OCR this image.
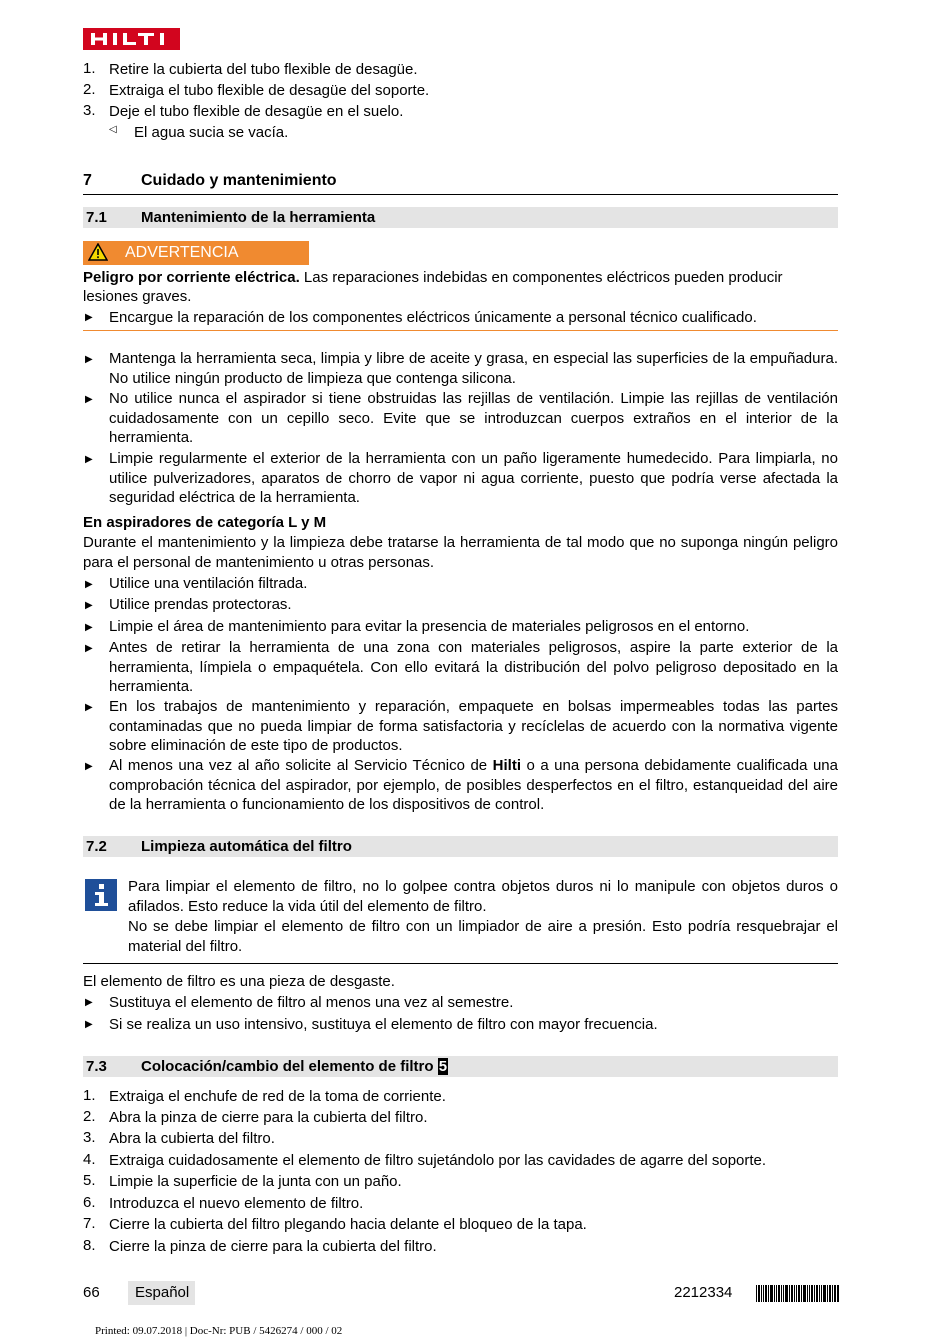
1. Retire la cubierta del tubo flexible de desagüe.
2. Extraiga el tubo flexible de desagüe del soporte.
3. Deje el tubo flexible de desagüe en el suelo.
◁ El agua sucia se vacía.
7	Cuidado y mantenimiento
7.1 Mantenimiento de la herramienta
ADVERTENCIA
Peligro por corriente eléctrica. Las reparaciones indebidas en componentes eléctricos pueden producir
lesiones graves.
▶ Encargue la reparación de los componentes eléctricos únicamente a personal técnico cualificado.
▶ Mantenga la herramienta seca, limpia y libre de aceite y grasa, en especial las superficies de la empuñadura. No utilice ningún producto de limpieza que contenga silicona.
▶ No utilice nunca el aspirador si tiene obstruidas las rejillas de ventilación. Limpie las rejillas de ventilación cuidadosamente con un cepillo seco. Evite que se introduzcan cuerpos extraños en el interior de la herramienta.
▶ Limpie regularmente el exterior de la herramienta con un paño ligeramente humedecido. Para limpiarla, no utilice pulverizadores, aparatos de chorro de vapor ni agua corriente, puesto que podría verse afectada la seguridad eléctrica de la herramienta.
En aspiradores de categoría L y M
Durante el mantenimiento y la limpieza debe tratarse la herramienta de tal modo que no suponga ningún peligro para el personal de mantenimiento u otras personas.
▶ Utilice una ventilación filtrada.
▶ Utilice prendas protectoras.
▶ Limpie el área de mantenimiento para evitar la presencia de materiales peligrosos en el entorno.
▶ Antes de retirar la herramienta de una zona con materiales peligrosos, aspire la parte exterior de la herramienta, límpiela o empaquétela. Con ello evitará la distribución del polvo peligroso depositado en la herramienta.
▶ En los trabajos de mantenimiento y reparación, empaquete en bolsas impermeables todas las partes contaminadas que no pueda limpiar de forma satisfactoria y recíclelas de acuerdo con la normativa vigente sobre eliminación de este tipo de productos.
▶ Al menos una vez al año solicite al Servicio Técnico de Hilti o a una persona debidamente cualificada una comprobación técnica del aspirador, por ejemplo, de posibles desperfectos en el filtro, estanqueidad del aire de la herramienta o funcionamiento de los dispositivos de control.
7.2 Limpieza automática del filtro
Para limpiar el elemento de filtro, no lo golpee contra objetos duros ni lo manipule con objetos duros o afilados. Esto reduce la vida útil del elemento de filtro.
No se debe limpiar el elemento de filtro con un limpiador de aire a presión. Esto podría resquebrajar el material del filtro.
El elemento de filtro es una pieza de desgaste.
▶ Sustituya el elemento de filtro al menos una vez al semestre.
▶ Si se realiza un uso intensivo, sustituya el elemento de filtro con mayor frecuencia.
7.3 Colocación/cambio del elemento de filtro 5
1. Extraiga el enchufe de red de la toma de corriente.
2. Abra la pinza de cierre para la cubierta del filtro.
3. Abra la cubierta del filtro.
4. Extraiga cuidadosamente el elemento de filtro sujetándolo por las cavidades de agarre del soporte.
5. Limpie la superficie de la junta con un paño.
6. Introduzca el nuevo elemento de filtro.
7. Cierre la cubierta del filtro plegando hacia delante el bloqueo de la tapa.
8. Cierre la pinza de cierre para la cubierta del filtro.
66 Español	2212334
Printed: 09.07.2018 | Doc-Nr: PUB / 5426274 / 000 / 02
